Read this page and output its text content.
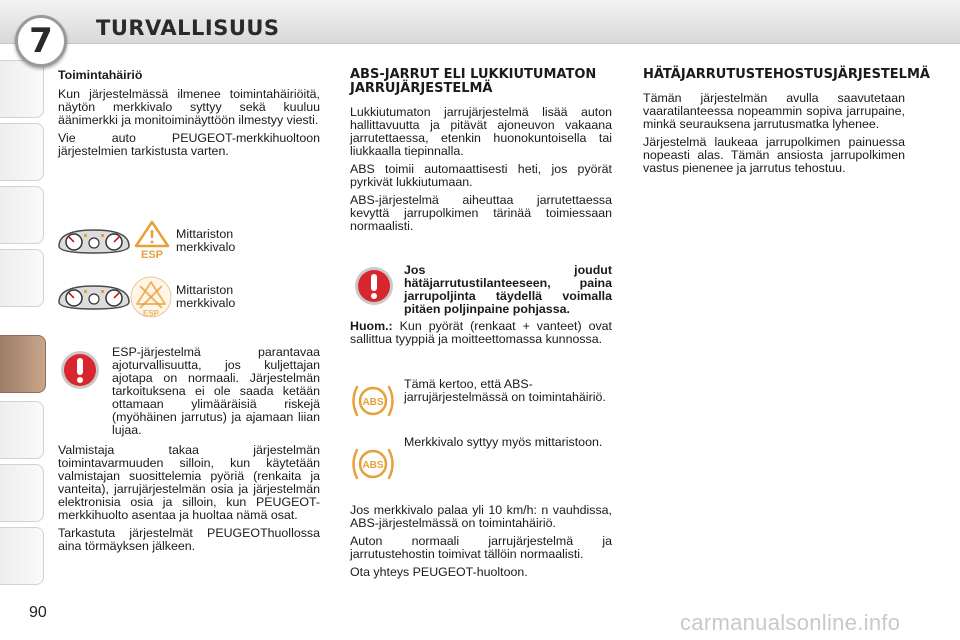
7 TURVALLISUUS
Toimintahäiriö

Kun järjestelmässä ilmenee toimintahäiriöitä, näytön merkkivalo syttyy sekä kuuluu äänimerkki ja monitoiminäyttöön ilmestyy viesti.

Vie auto PEUGEOT-merkkihuoltoon järjestelmien tarkistusta varten.

ESP
Mittariston merkkivalo
ESP
Mittariston merkkivalo
ESP-järjestelmä parantavaa ajoturvallisuutta, jos kuljettajan ajotapa on normaali. Järjestelmän tarkoituksena ei ole saada ketään ottamaan ylimääräisiä riskejä (myöhäinen jarrutus) ja ajamaan liian lujaa.

Valmistaja takaa järjestelmän toimintavarmuuden silloin, kun käytetään valmistajan suosittelemia pyöriä (renkaita ja vanteita), jarrujärjestelmän osia ja järjestelmän elektronisia osia ja silloin, kun PEUGEOT-merkkihuolto asentaa ja huoltaa nämä osat.

Tarkastuta järjestelmät PEUGEOThuollossa aina törmäyksen jälkeen.

ABS-JARRUT ELI LUKKIUTUMATON JARRUJÄRJESTELMÄ

Lukkiutumaton jarrujärjestelmä lisää auton hallittavuutta ja pitävät ajoneuvon vakaana jarrutettaessa, etenkin huonokuntoisella tai liukkaalla tiepinnalla.

ABS toimii automaattisesti heti, jos pyörät pyrkivät lukkiutumaan.

ABS-järjestelmä aiheuttaa jarrutettaessa kevyttä jarrupolkimen tärinää toimiessaan normaalisti.

Jos joudut hätäjarrutustilanteeseen, paina jarrupoljinta täydellä voimalla pitäen poljinpaine pohjassa.
Huom.: Kun pyörät (renkaat + vanteet) ovat sallittua tyyppiä ja moitteettomassa kunnossa.
ABS
Tämä kertoo, että ABS-jarrujärjestelmässä on toimintahäiriö.
ABS
Merkkivalo syttyy myös mittaristoon.

Jos merkkivalo palaa yli 10 km/h: n vauhdissa, ABS-järjestelmässä on toimintahäiriö.

Auton normaali jarrujärjestelmä ja jarrutustehostin toimivat tällöin normaalisti.

Ota yhteys PEUGEOT-huoltoon.

HÄTÄJARRUTUSTEHOSTUSJÄRJESTELMÄ

Tämän järjestelmän avulla saavutetaan vaaratilanteessa nopeammin sopiva jarrupaine, minkä seurauksena jarrutusmatka lyhenee.

Järjestelmä laukeaa jarrupolkimen painuessa nopeasti alas. Tämän ansiosta jarrupolkimen vastus pienenee ja jarrutus tehostuu.

90	carmanualsonline.info
